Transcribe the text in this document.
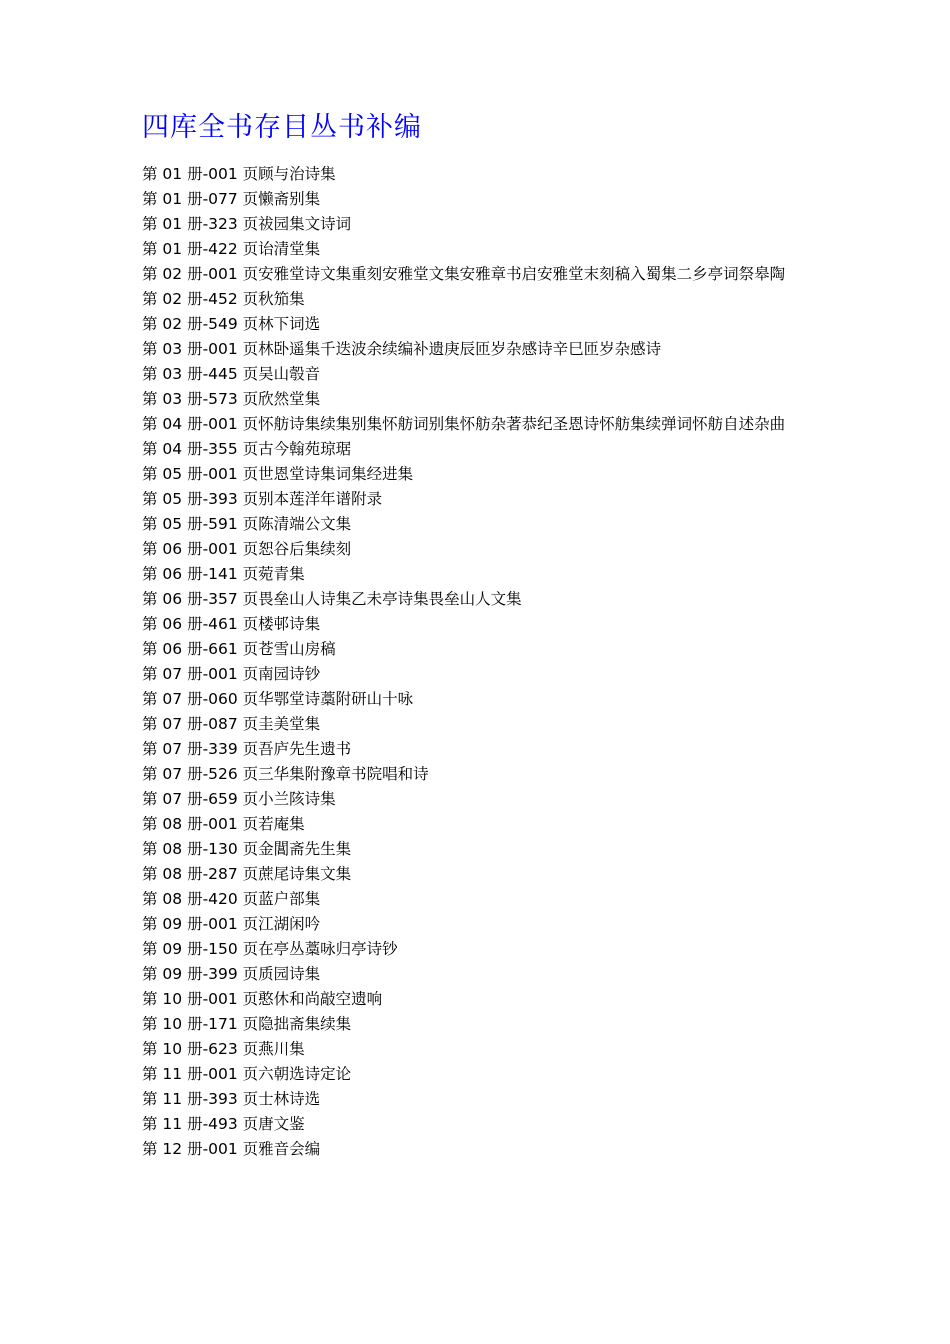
四库全书存目丛书补编
第 01 册-001 页顾与治诗集
第 01 册-077 页懒斋别集
第 01 册-323 页祓园集文诗词
第 01 册-422 页诒清堂集
第 02 册-001 页安雅堂诗文集重刻安雅堂文集安雅章书启安雅堂末刻稿入蜀集二乡亭词祭皋陶
第 02 册-452 页秋笳集
第 02 册-549 页林下词选
第 03 册-001 页林卧遥集千迭波余续编补遗庚辰匝岁杂感诗辛巳匝岁杂感诗
第 03 册-445 页吴山彀音
第 03 册-573 页欣然堂集
第 04 册-001 页怀舫诗集续集别集怀舫词别集怀舫杂著恭纪圣恩诗怀舫集续弹词怀舫自述杂曲
第 04 册-355 页古今翰苑琼琚
第 05 册-001 页世恩堂诗集词集经进集
第 05 册-393 页别本莲洋年谱附录
第 05 册-591 页陈清端公文集
第 06 册-001 页恕谷后集续刻
第 06 册-141 页菀青集
第 06 册-357 页畏垒山人诗集乙未亭诗集畏垒山人文集
第 06 册-461 页楼邨诗集
第 06 册-661 页苍雪山房稿
第 07 册-001 页南园诗钞
第 07 册-060 页华鄂堂诗藁附研山十咏
第 07 册-087 页圭美堂集
第 07 册-339 页吾庐先生遗书
第 07 册-526 页三华集附豫章书院唱和诗
第 07 册-659 页小兰陔诗集
第 08 册-001 页若庵集
第 08 册-130 页金閶斋先生集
第 08 册-287 页蔗尾诗集文集
第 08 册-420 页蓝户部集
第 09 册-001 页江湖闲吟
第 09 册-150 页在亭丛藁咏归亭诗钞
第 09 册-399 页质园诗集
第 10 册-001 页憨休和尚敲空遗响
第 10 册-171 页隐拙斋集续集
第 10 册-623 页燕川集
第 11 册-001 页六朝选诗定论
第 11 册-393 页士林诗选
第 11 册-493 页唐文鉴
第 12 册-001 页雅音会编
